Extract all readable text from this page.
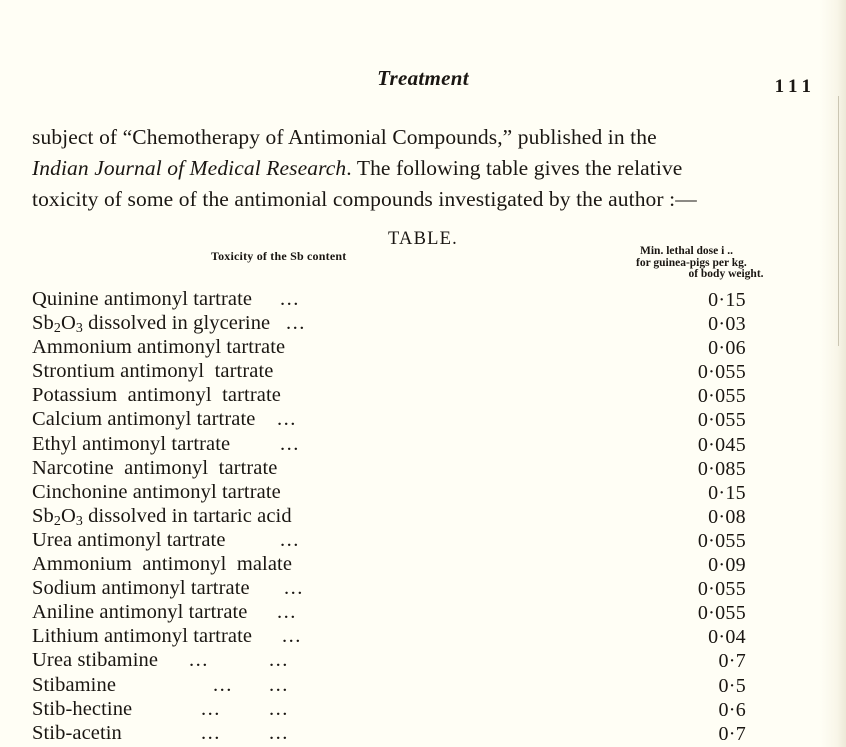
Treatment	111
subject of “Chemotherapy of Antimonial Compounds,” published in the
Indian Journal of Medical Research. The following table gives the relative
toxicity of some of the antimonial compounds investigated by the author :—
TABLE.
Toxicity of the Sb content	Min. lethal dose i ..
for guinea-pigs per kg.
of body weight.
Quinine antimonyl tartrate ...	0·15
$Sb_2O_3$ dissolved in glycerine ...	0·03
Ammonium antimonyl tartrate	0·06
Strontium antimonyl  tartrate	0·055
Potassium  antimonyl  tartrate	0·055
Calcium antimonyl tartrate ...	0·055
Ethyl antimonyl tartrate ...	0·045
Narcotine  antimonyl  tartrate	0·085
Cinchonine antimonyl tartrate	0·15
$Sb_2O_3$ dissolved in tartaric acid	0·08
Urea antimonyl tartrate	...	0·055
Ammonium  antimonyl  malate	0·09
Sodium antimonyl tartrate ...	0·055
Aniline antimonyl tartrate ...	0·055
Lithium antimonyl tartrate ...	0·04
Urea stibamine ...	...	0·7
Stibamine	... ...	0·5
Stib-hectine	... ...	0·6
Stib-acetin	... ...	0·7
